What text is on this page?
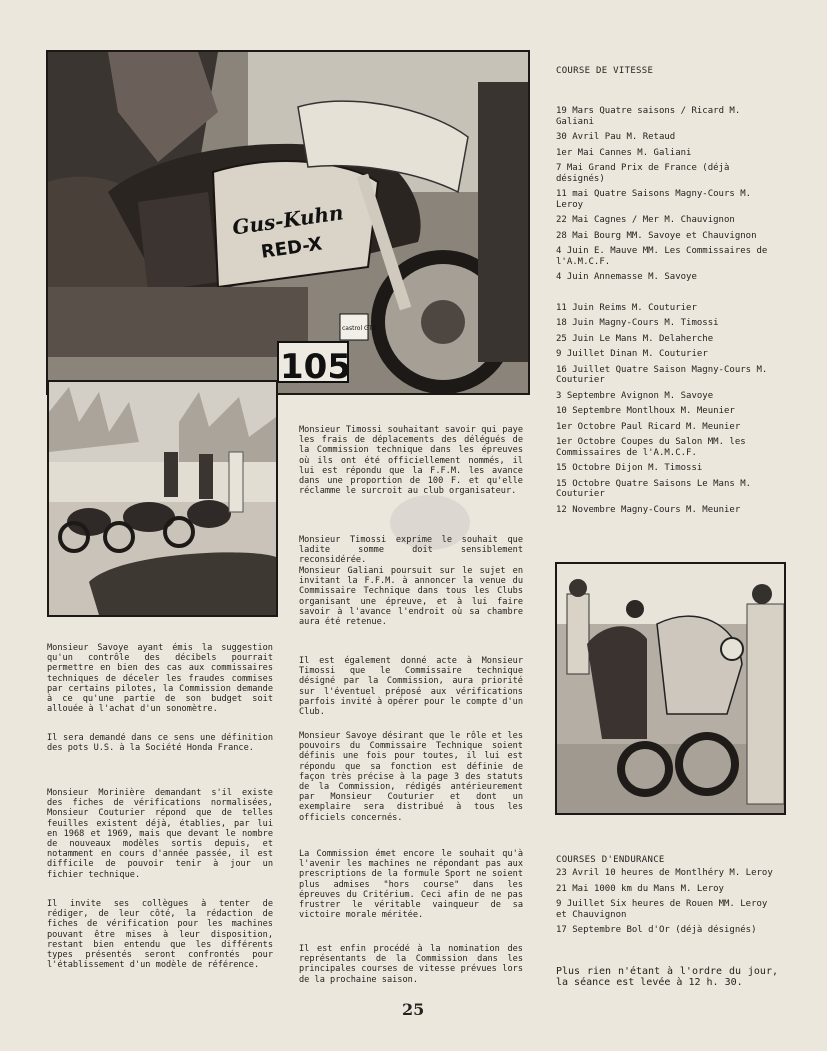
105
Gus-Kuhn
RED-X
castrol GTX

Monsieur Savoye ayant émis la suggestion qu'un contrôle des décibels pourrait permettre en bien des cas aux commissaires techniques de déceler les fraudes commises par certains pilotes, la Commission demande à ce qu'une partie de son budget soit allouée à l'achat d'un sonomètre.

Il sera demandé dans ce sens une définition des pots U.S. à la Société Honda France.

Monsieur Morinière demandant s'il existe des fiches de vérifications normalisées, Monsieur Couturier répond que de telles feuilles existent déjà, établies, par lui en 1968 et 1969, mais que devant le nombre de nouveaux modèles sortis depuis, et notamment en cours d'année passée, il est difficile de pouvoir tenir à jour un fichier technique.

Il invite ses collègues à tenter de rédiger, de leur côté, la rédaction de fiches de vérification pour les machines pouvant être mises à leur disposition, restant bien entendu que les différents types présentés seront confrontés pour l'établissement d'un modèle de référence.

Monsieur Timossi souhaitant savoir qui paye les frais de déplacements des délégués de la Commission technique dans les épreuves où ils ont été officiellement nommés, il lui est répondu que la F.F.M. les avance dans une proportion de 100 F. et qu'elle réclamme le surcroit au club organisateur.

Monsieur Timossi exprime le souhait que ladite somme doit sensiblement reconsidérée.

Monsieur Galiani poursuit sur le sujet en invitant la F.F.M. à annoncer la venue du Commissaire Technique dans tous les Clubs organisant une épreuve, et à lui faire savoir à l'avance l'endroit où sa chambre aura été retenue.

Il est également donné acte à Monsieur Timossi que le Commissaire technique désigné par la Commission, aura priorité sur l'éventuel préposé aux vérifications parfois invité à opérer pour le compte d'un Club.

Monsieur Savoye désirant que le rôle et les pouvoirs du Commissaire Technique soient définis une fois pour toutes, il lui est répondu que sa fonction est définie de façon très précise à la page 3 des statuts de la Commission, rédigés antérieurement par Monsieur Couturier et dont un exemplaire sera distribué à tous les officiels concernés.

La Commission émet encore le souhait qu'à l'avenir les machines ne répondant pas aux prescriptions de la formule Sport ne soient plus admises "hors course" dans les épreuves du Critérium. Ceci afin de ne pas frustrer le véritable vainqueur de sa victoire morale méritée.

Il est enfin procédé à la nomination des représentants de la Commission dans les principales courses de vitesse prévues lors de la prochaine saison.

COURSE DE VITESSE
19 Mars Quatre saisons / Ricard M. Galiani
30 Avril Pau M. Retaud
1er Mai Cannes M. Galiani
7 Mai Grand Prix de France (déjà désignés)
11 mai Quatre Saisons Magny-Cours M. Leroy
22 Mai Cagnes / Mer M. Chauvignon
28 Mai Bourg MM. Savoye et Chauvignon
4 Juin E. Mauve MM. Les Commissaires de l'A.M.C.F.
4 Juin Annemasse M. Savoye
11 Juin Reims M. Couturier
18 Juin Magny-Cours M. Timossi
25 Juin Le Mans M. Delaherche
9 Juillet Dinan M. Couturier
16 Juillet Quatre Saison Magny-Cours M. Couturier
3 Septembre Avignon M. Savoye
10 Septembre Montlhoux M. Meunier
1er Octobre Paul Ricard M. Meunier
1er Octobre Coupes du Salon MM. les Commissaires de l'A.M.C.F.
15 Octobre Dijon M. Timossi
15 Octobre Quatre Saisons Le Mans M. Couturier
12 Novembre Magny-Cours M. Meunier
COURSES D'ENDURANCE
23 Avril 10 heures de Montlhéry M. Leroy
21 Mai 1000 km du Mans M. Leroy
9 Juillet Six heures de Rouen MM. Leroy et Chauvignon
17 Septembre Bol d'Or (déjà désignés)

Plus rien n'étant à l'ordre du jour, la séance est levée à 12 h. 30.

25
